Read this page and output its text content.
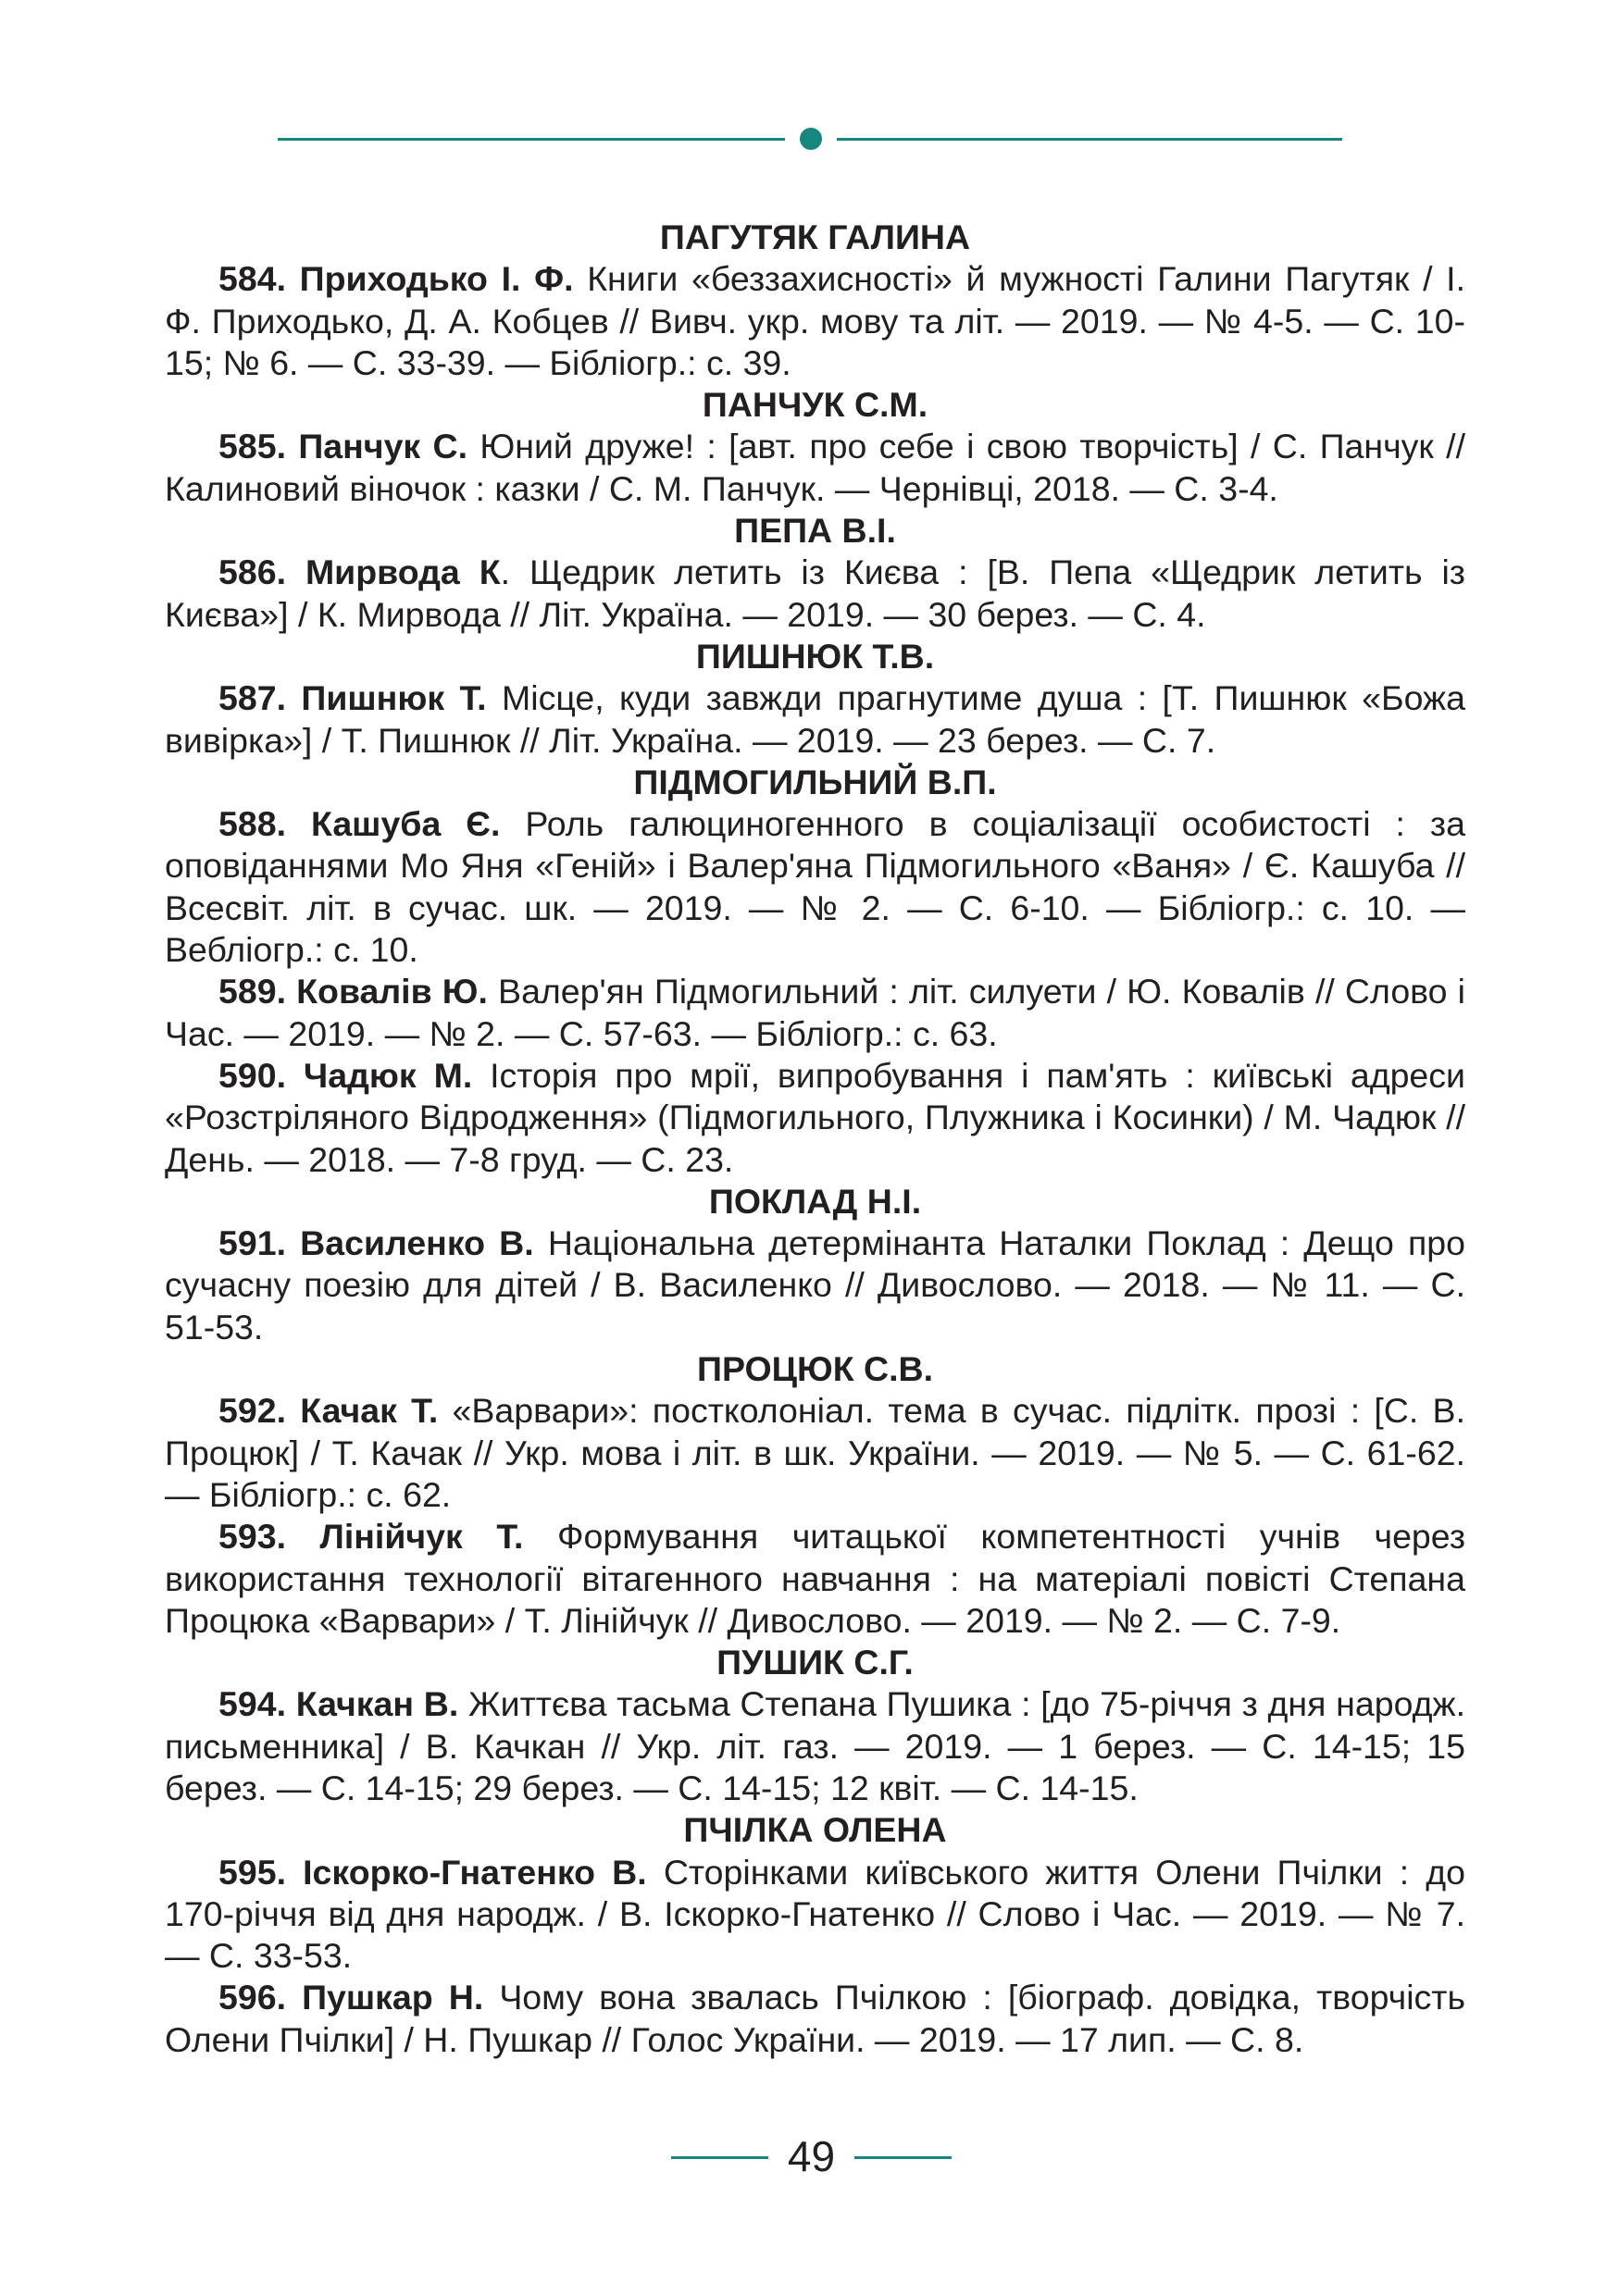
ПАГУТЯК ГАЛИНА

584. Приходько І. Ф. Книги «беззахисності» й мужності Галини Пагутяк / І. Ф. Приходько, Д. А. Кобцев // Вивч. укр. мову та літ. — 2019. — № 4-5. — С. 10-15; № 6. — С. 33-39. — Бібліогр.: с. 39.

ПАНЧУК С.М.

585. Панчук С. Юний друже! : [авт. про себе і свою творчість] / С. Панчук // Калиновий віночок : казки / С. М. Панчук. — Чернівці, 2018. — С. 3-4.

ПЕПА В.І.

586. Мирвода К. Щедрик летить із Києва : [В. Пепа «Щедрик летить із Києва»] / К. Мирвода // Літ. Україна. — 2019. — 30 берез. — С. 4.

ПИШНЮК Т.В.

587. Пишнюк Т. Місце, куди завжди прагнутиме душа : [Т. Пишнюк «Божа вивірка»] / Т. Пишнюк // Літ. Україна. — 2019. — 23 берез. — С. 7.

ПІДМОГИЛЬНИЙ В.П.

588. Кашуба Є. Роль галюциногенного в соціалізації особистості : за оповіданнями Мо Яня «Геній» і Валер'яна Підмогильного «Ваня» / Є. Кашуба // Всесвіт. літ. в сучас. шк. — 2019. — № 2. — С. 6-10. — Бібліогр.: с. 10. — Вебліогр.: с. 10.

589. Ковалів Ю. Валер'ян Підмогильний : літ. силуети / Ю. Ковалів // Слово і Час. — 2019. — № 2. — С. 57-63. — Бібліогр.: с. 63.

590. Чадюк М. Історія про мрії, випробування і пам'ять : київські адреси «Розстріляного Відродження» (Підмогильного, Плужника і Косинки) / М. Чадюк // День. — 2018. — 7-8 груд. — С. 23.

ПОКЛАД Н.І.

591. Василенко В. Національна детермінанта Наталки Поклад : Дещо про сучасну поезію для дітей / В. Василенко // Дивослово. — 2018. — № 11. — С. 51-53.

ПРОЦЮК С.В.

592. Качак Т. «Варвари»: постколоніал. тема в сучас. підлітк. прозі : [С. В. Процюк] / Т. Качак // Укр. мова і літ. в шк. України. — 2019. — № 5. — С. 61-62. — Бібліогр.: с. 62.

593. Лінійчук Т. Формування читацької компетентності учнів через використання технології вітагенного навчання : на матеріалі повісті Степана Процюка «Варвари» / Т. Лінійчук // Дивослово. — 2019. — № 2. — С. 7-9.

ПУШИК С.Г.

594. Качкан В. Життєва тасьма Степана Пушика : [до 75-річчя з дня народж. письменника] / В. Качкан // Укр. літ. газ. — 2019. — 1 берез. — С. 14-15; 15 берез. — С. 14-15; 29 берез. — С. 14-15; 12 квіт. — С. 14-15.

ПЧІЛКА ОЛЕНА

595. Іскорко-Гнатенко В. Сторінками київського життя Олени Пчілки : до 170-річчя від дня народж. / В. Іскорко-Гнатенко // Слово і Час. — 2019. — № 7. — С. 33-53.

596. Пушкар Н. Чому вона звалась Пчілкою : [біограф. довідка, творчість Олени Пчілки] / Н. Пушкар // Голос України. — 2019. — 17 лип. — С. 8.

49
